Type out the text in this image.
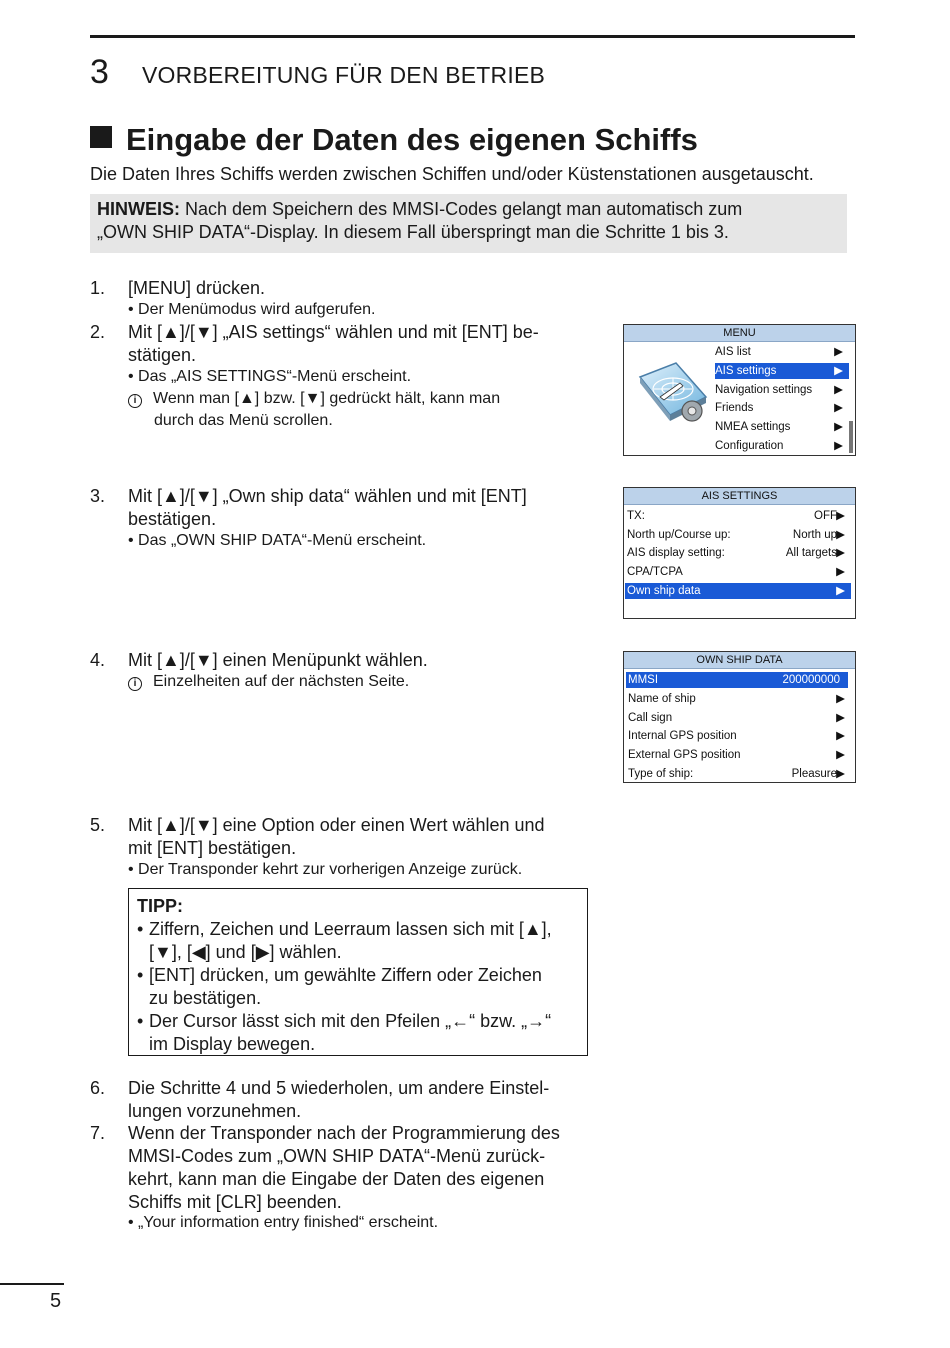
3 VORBEREITUNG FÜR DEN BETRIEB
Eingabe der Daten des eigenen Schiffs
Die Daten Ihres Schiffs werden zwischen Schiffen und/oder Küstenstationen ausgetauscht.
HINWEIS: Nach dem Speichern des MMSI-Codes gelangt man automatisch zum
„OWN SHIP DATA“-Display. In diesem Fall überspringt man die Schritte 1 bis 3.
1. [MENU] drücken.
• Der Menümodus wird aufgerufen.
2. Mit [▲]/[▼] „AIS settings“ wählen und mit [ENT] be-
stätigen.
• Das „AIS SETTINGS“-Menü erscheint.
i Wenn man [▲] bzw. [▼] gedrückt hält, kann man
durch das Menü scrollen.
3. Mit [▲]/[▼] „Own ship data“ wählen und mit [ENT]
bestätigen.
• Das „OWN SHIP DATA“-Menü erscheint.
4. Mit [▲]/[▼] einen Menüpunkt wählen.
i Einzelheiten auf der nächsten Seite.
5. Mit [▲]/[▼] eine Option oder einen Wert wählen und
mit [ENT] bestätigen.
• Der Transponder kehrt zur vorherigen Anzeige zurück.
TIPP:
• Ziffern, Zeichen und Leerraum lassen sich mit [▲],
[▼], [◀] und [▶] wählen.
• [ENT] drücken, um gewählte Ziffern oder Zeichen
zu bestätigen.
• Der Cursor lässt sich mit den Pfeilen „←“ bzw. „→“
im Display bewegen.
6. Die Schritte 4 und 5 wiederholen, um andere Einstel-
lungen vorzunehmen.
7. Wenn der Transponder nach der Programmierung des
MMSI-Codes zum „OWN SHIP DATA“-Menü zurück-
kehrt, kann man die Eingabe der Daten des eigenen
Schiffs mit [CLR] beenden.
• „Your information entry finished“ erscheint.
MENU
AIS list	▶
AIS settings	▶
Navigation settings ▶
Friends	▶
NMEA settings	▶
Configuration	▶
AIS SETTINGS
TX:	OFF ▶
North up/Course up:	North up ▶
AIS display setting:	All targets ▶
CPA/TCPA	▶
Own ship data	▶
OWN SHIP DATA
MMSI	200000000
Name of ship	▶
Call sign	▶
Internal GPS position	▶
External GPS position	▶
Type of ship:	Pleasure ▶
5
